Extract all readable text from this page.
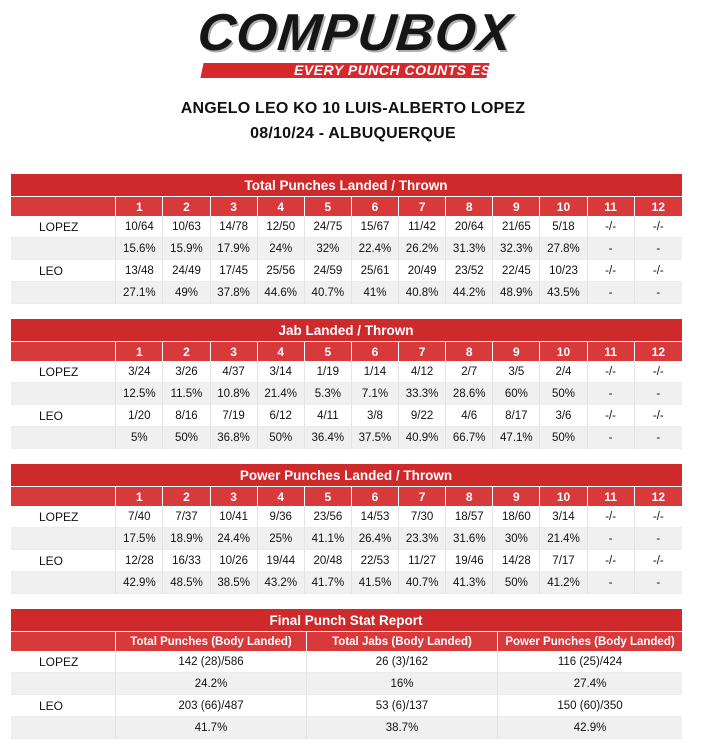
COMPUBOX
EVERY PUNCH COUNTS EST. 1985
ANGELO LEO KO 10 LUIS-ALBERTO LOPEZ
08/10/24 - ALBUQUERQUE
Total Punches Landed / Thrown												
	1	2	3	4	5	6	7	8	9	10	11	12
LOPEZ	10/64	10/63	14/78	12/50	24/75	15/67	11/42	20/64	21/65	5/18	-/-	-/-
	15.6%	15.9%	17.9%	24%	32%	22.4%	26.2%	31.3%	32.3%	27.8%	-	-
LEO	13/48	24/49	17/45	25/56	24/59	25/61	20/49	23/52	22/45	10/23	-/-	-/-
	27.1%	49%	37.8%	44.6%	40.7%	41%	40.8%	44.2%	48.9%	43.5%	-	-
Jab Landed / Thrown												
	1	2	3	4	5	6	7	8	9	10	11	12
LOPEZ	3/24	3/26	4/37	3/14	1/19	1/14	4/12	2/7	3/5	2/4	-/-	-/-
	12.5%	11.5%	10.8%	21.4%	5.3%	7.1%	33.3%	28.6%	60%	50%	-	-
LEO	1/20	8/16	7/19	6/12	4/11	3/8	9/22	4/6	8/17	3/6	-/-	-/-
	5%	50%	36.8%	50%	36.4%	37.5%	40.9%	66.7%	47.1%	50%	-	-
Power Punches Landed / Thrown												
	1	2	3	4	5	6	7	8	9	10	11	12
LOPEZ	7/40	7/37	10/41	9/36	23/56	14/53	7/30	18/57	18/60	3/14	-/-	-/-
	17.5%	18.9%	24.4%	25%	41.1%	26.4%	23.3%	31.6%	30%	21.4%	-	-
LEO	12/28	16/33	10/26	19/44	20/48	22/53	11/27	19/46	14/28	7/17	-/-	-/-
	42.9%	48.5%	38.5%	43.2%	41.7%	41.5%	40.7%	41.3%	50%	41.2%	-	-
Final Punch Stat Report			
	Total Punches (Body Landed)	Total Jabs (Body Landed)	Power Punches (Body Landed)
LOPEZ	142 (28)/586	26 (3)/162	116 (25)/424
	24.2%	16%	27.4%
LEO	203 (66)/487	53 (6)/137	150 (60)/350
	41.7%	38.7%	42.9%
